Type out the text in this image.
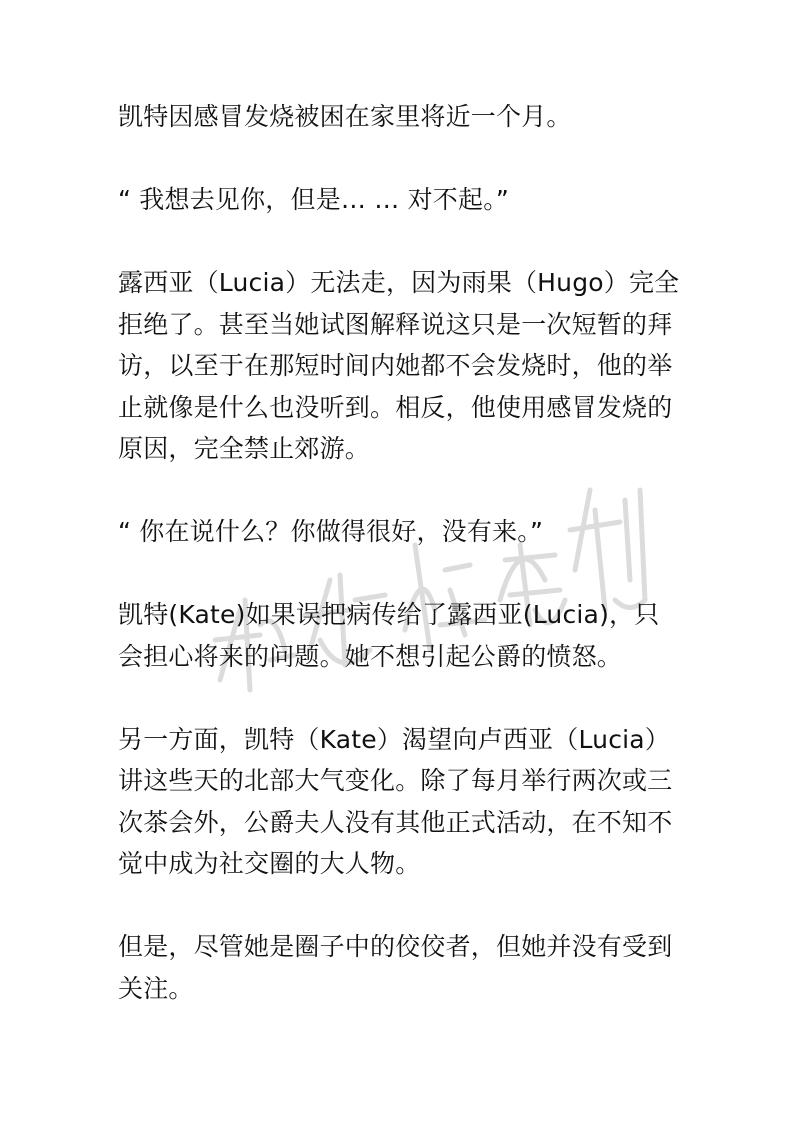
凯特因感冒发烧被困在家里将近一个月。

“ 我想去见你，但是… … 对不起。”

露西亚（Lucia）无法走，因为雨果（Hugo）完全拒绝了。甚至当她试图解释说这只是一次短暂的拜访，以至于在那短时间内她都不会发烧时，他的举止就像是什么也没听到。相反，他使用感冒发烧的原因，完全禁止郊游。

“ 你在说什么？你做得很好，没有来。”

凯特(Kate)如果误把病传给了露西亚(Lucia)，只会担心将来的问题。她不想引起公爵的愤怒。

另一方面，凯特（Kate）渴望向卢西亚（Lucia）讲这些天的北部大气变化。除了每月举行两次或三次茶会外，公爵夫人没有其他正式活动，在不知不觉中成为社交圈的大人物。

但是，尽管她是圈子中的佼佼者，但她并没有受到关注。
